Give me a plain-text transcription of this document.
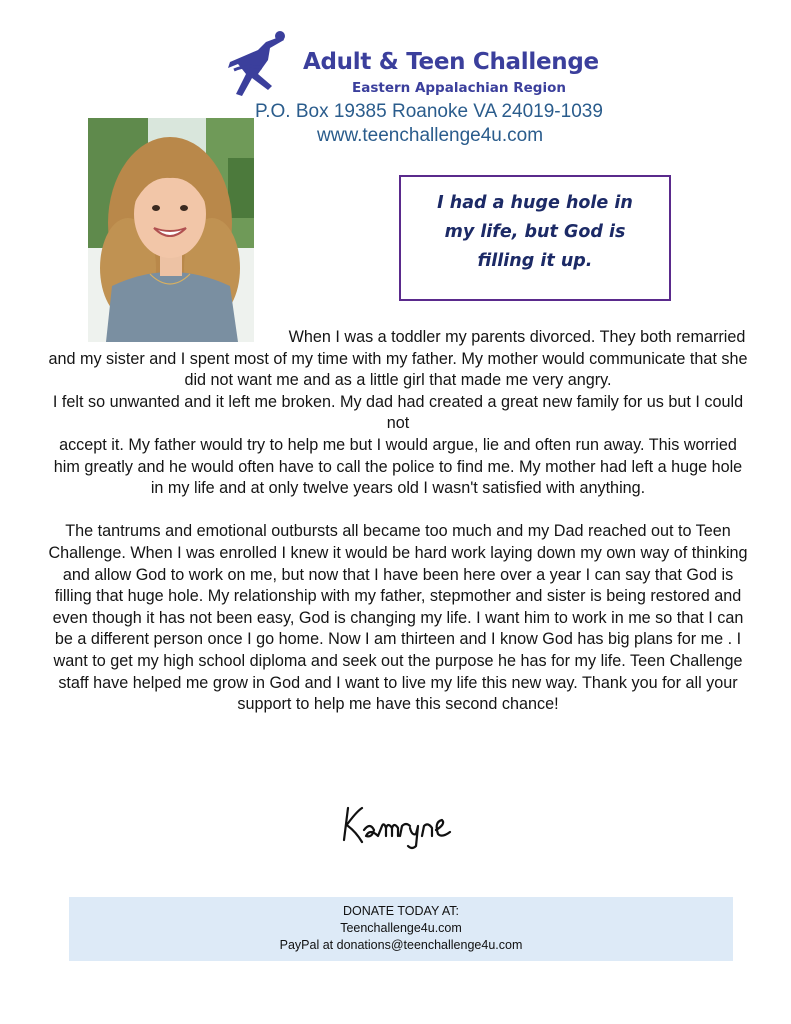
Adult & Teen Challenge
Eastern Appalachian Region
P.O. Box 19385 Roanoke VA 24019-1039
www.teenchallenge4u.com
I had a huge hole in my life, but God is filling it up.

When I was a toddler my parents divorced. They both remarried and my sister and I spent most of my time with my father. My mother would communicate that she did not want me and as a little girl that made me very angry.

I felt so unwanted and it left me broken. My dad had created a great new family for us but I could not

accept it. My father would try to help me but I would argue, lie and often run away. This worried him greatly and he would often have to call the police to find me. My mother had left a huge hole in my life and at only twelve years old I wasn't satisfied with anything.

The tantrums and emotional outbursts all became too much and my Dad reached out to Teen Challenge. When I was enrolled I knew it would be hard work laying down my own way of thinking and allow God to work on me, but now that I have been here over a year I can say that God is filling that huge hole. My relationship with my father, stepmother and sister is being restored and even though it has not been easy, God is changing my life. I want him to work in me so that I can be a different person once I go home. Now I am thirteen and I know God has big plans for me . I want to get my high school diploma and seek out the purpose he has for my life. Teen Challenge staff have helped me grow in God and I want to live my life this new way. Thank you for all your support to help me have this second chance!

DONATE TODAY AT:
Teenchallenge4u.com
PayPal at donations@teenchallenge4u.com
